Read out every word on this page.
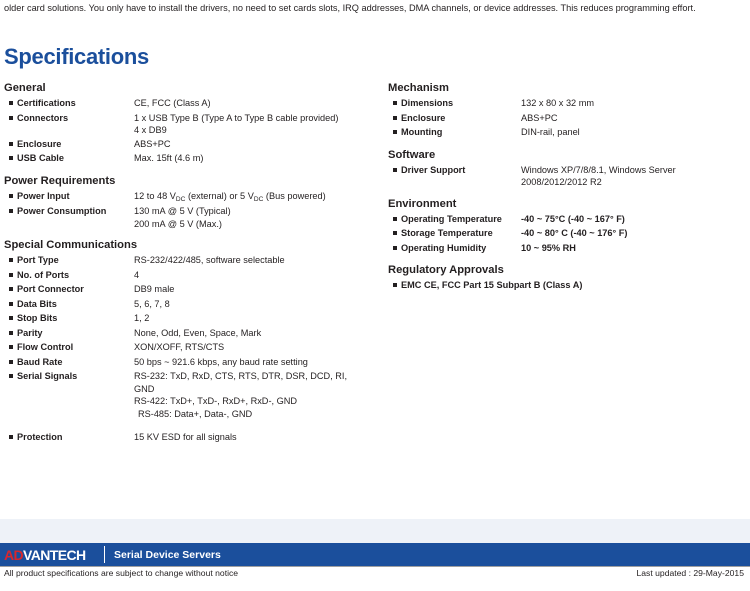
older card solutions. You only have to install the drivers, no need to set cards slots, IRQ addresses, DMA channels, or device addresses. This reduces programming effort.
Specifications
General
Certifications	CE, FCC (Class A)
Connectors	1 x USB Type B (Type A to Type B cable provided)
4 x DB9
Enclosure	ABS+PC
USB Cable	Max. 15ft (4.6 m)
Power Requirements
Power Input	12 to 48 $V_{DC}$ (external) or 5 $V_{DC}$ (Bus powered)
Power Consumption	130 mA @ 5 V (Typical)
200 mA @ 5 V (Max.)
Special Communications
Port Type	RS-232/422/485, software selectable
No. of Ports	4
Port Connector	DB9 male
Data Bits	5, 6, 7, 8
Stop Bits	1, 2
Parity	None, Odd, Even, Space, Mark
Flow Control	XON/XOFF, RTS/CTS
Baud Rate	50 bps ~ 921.6 kbps, any baud rate setting
Serial Signals	RS-232: TxD, RxD, CTS, RTS, DTR, DSR, DCD, RI,
GND
RS-422: TxD+, TxD-, RxD+, RxD-, GND
RS-485: Data+, Data-, GND
Protection	15 KV ESD for all signals
Mechanism
Dimensions	132 x 80 x 32 mm
Enclosure	ABS+PC
Mounting	DIN-rail, panel
Software
Driver Support	Windows XP/7/8/8.1, Windows Server
2008/2012/2012 R2
Environment
Operating Temperature	-40 ~ 75°C (-40 ~ 167° F)
Storage Temperature	-40 ~ 80° C (-40 ~ 176° F)
Operating Humidity	10 ~ 95% RH
Regulatory Approvals
EMC CE, FCC Part 15 Subpart B (Class A)
ADVANTECH	Serial Device Servers
All product specifications are subject to change without notice	Last updated : 29-May-2015
